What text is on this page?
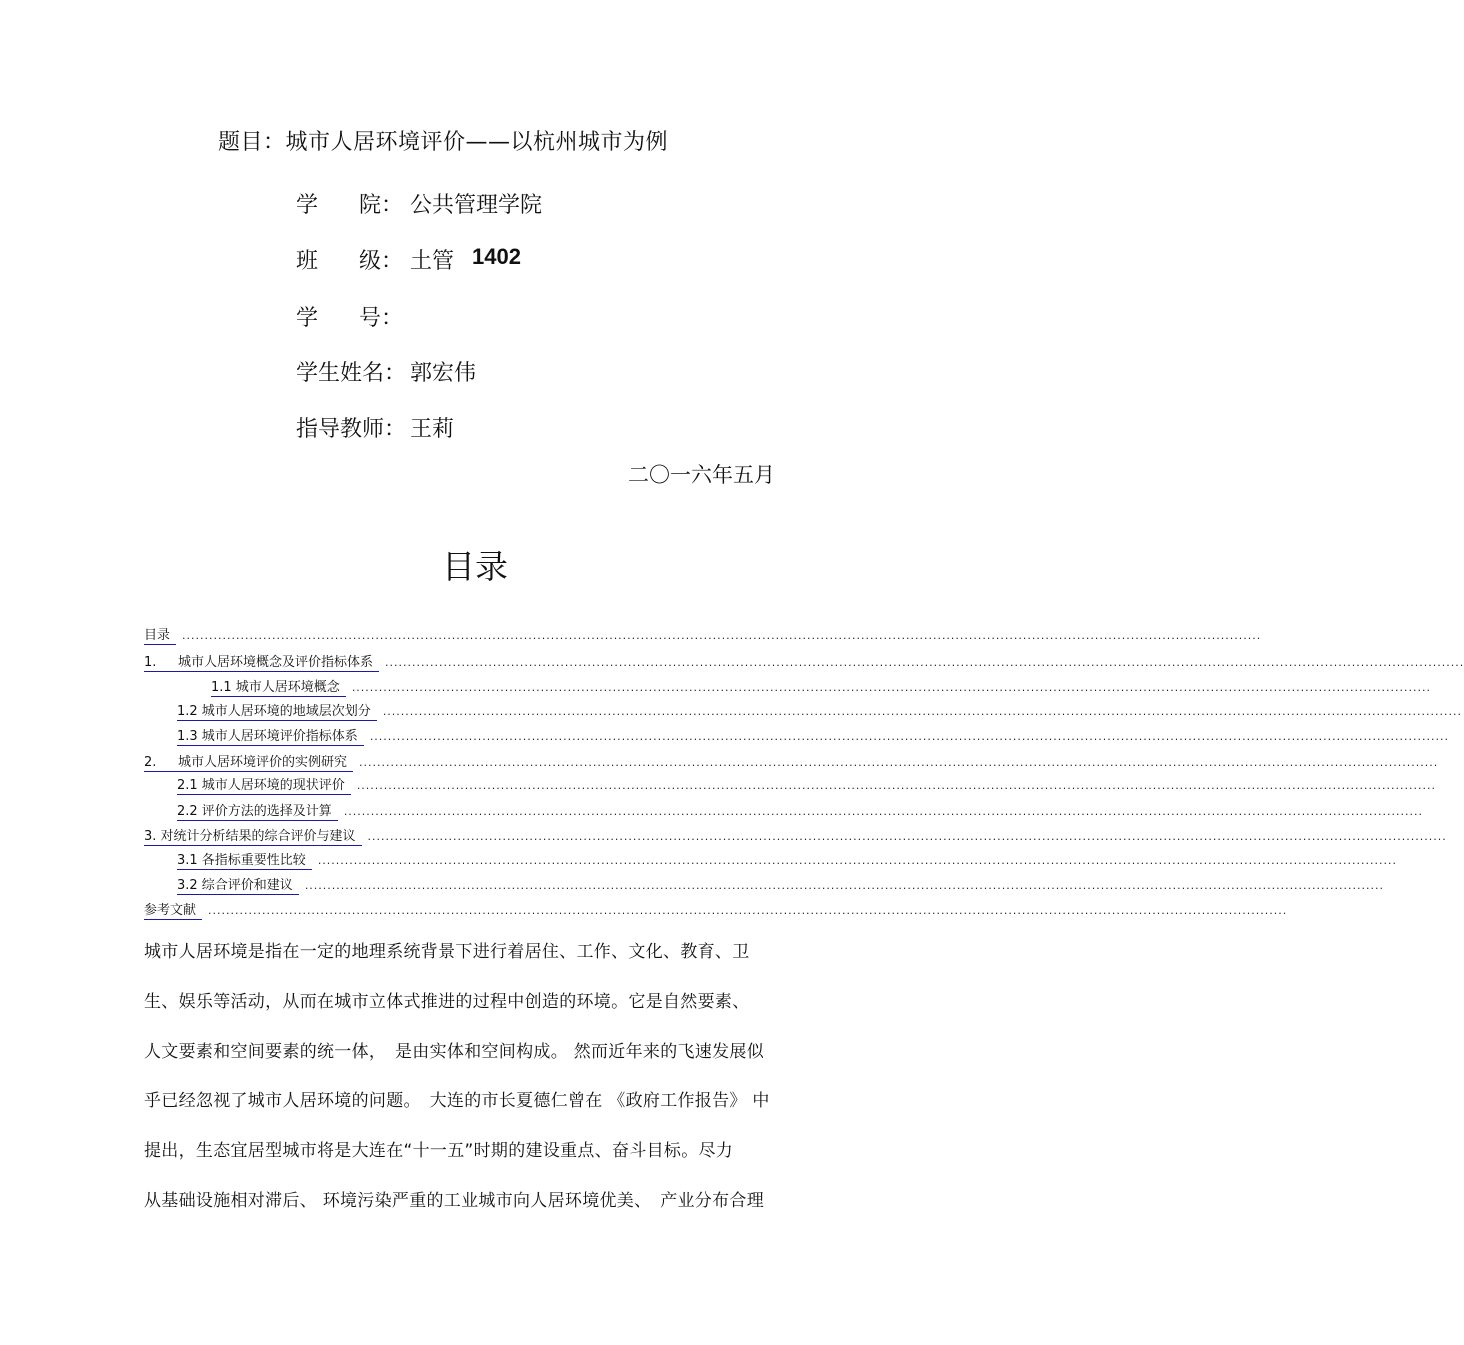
题目：城市人居环境评价——以杭州城市为例
学 院： 公共管理学院
班 级： 土管 1402
学 号：
学生姓名： 郭宏伟
指导教师： 王莉
二〇一六年五月
目录
目录	................................................................................................................................................................................................................................................
1. 城市人居环境概念及评价指标体系	................................................................................................................................................................................................................................................
1.1 城市人居环境概念	................................................................................................................................................................................................................................................
1.2 城市人居环境的地域层次划分	................................................................................................................................................................................................................................................
1.3 城市人居环境评价指标体系	................................................................................................................................................................................................................................................
2. 城市人居环境评价的实例研究	................................................................................................................................................................................................................................................
2.1 城市人居环境的现状评价	................................................................................................................................................................................................................................................
2.2 评价方法的选择及计算	................................................................................................................................................................................................................................................
3. 对统计分析结果的综合评价与建议	................................................................................................................................................................................................................................................
3.1 各指标重要性比较	................................................................................................................................................................................................................................................
3.2 综合评价和建议	................................................................................................................................................................................................................................................
参考文献	................................................................................................................................................................................................................................................
城市人居环境是指在一定的地理系统背景下进行着居住、工作、文化、教育、卫
生、娱乐等活动，从而在城市立体式推进的过程中创造的环境。它是自然要素、
人文要素和空间要素的统一体，　是由实体和空间构成。 然而近年来的飞速发展似
乎已经忽视了城市人居环境的问题。　大连的市长夏德仁曾在 《政府工作报告》 中
提出，生态宜居型城市将是大连在“十一五”时期的建设重点、奋斗目标。尽力
从基础设施相对滞后、 环境污染严重的工业城市向人居环境优美、　产业分布合理
